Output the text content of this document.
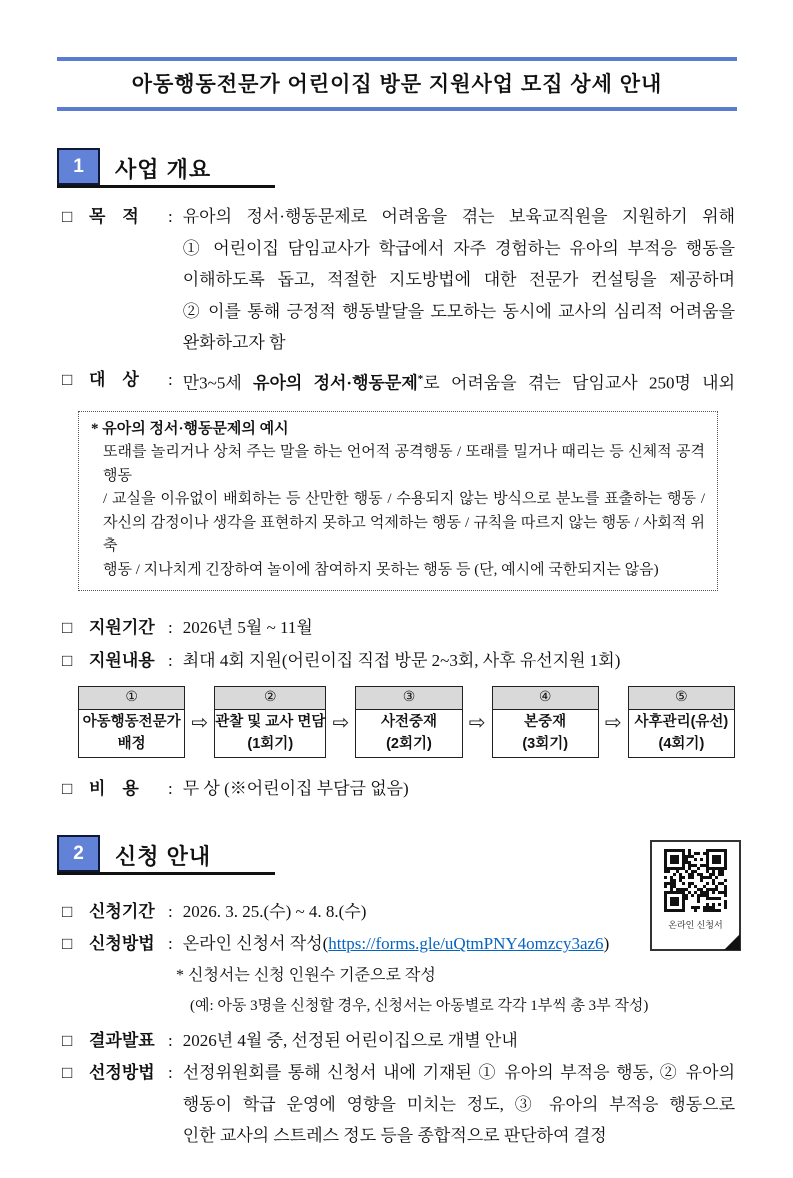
아동행동전문가 어린이집 방문 지원사업 모집 상세 안내
1	사업 개요
□ 목    적	: 유아의 정서·행동문제로 어려움을 겪는 보육교직원을 지원하기 위해
① 어린이집 담임교사가 학급에서 자주 경험하는 유아의 부적응 행동을
이해하도록 돕고, 적절한 지도방법에 대한 전문가 컨설팅을 제공하며
② 이를 통해 긍정적 행동발달을 도모하는 동시에 교사의 심리적 어려움을
완화하고자 함
□ 대    상	: 만3~5세 유아의 정서·행동문제*로 어려움을 겪는 담임교사 250명 내외
* 유아의 정서·행동문제의 예시
또래를 놀리거나 상처 주는 말을 하는 언어적 공격행동 / 또래를 밀거나 때리는 등 신체적 공격행동
/ 교실을 이유없이 배회하는 등 산만한 행동 / 수용되지 않는 방식으로 분노를 표출하는 행동 /
자신의 감정이나 생각을 표현하지 못하고 억제하는 행동 / 규칙을 따르지 않는 행동 / 사회적 위축
행동 / 지나치게 긴장하여 놀이에 참여하지 못하는 행동 등 (단, 예시에 국한되지는 않음)
□ 지원기간 : 2026년 5월 ~ 11월
□ 지원내용 : 최대 4회 지원(어린이집 직접 방문 2~3회, 사후 유선지원 1회)
①
아동행동전문가
배정
⇨
②
관찰 및 교사 면담
(1회기)
⇨
③
사전중재
(2회기)
⇨
④
본중재
(3회기)
⇨
⑤
사후관리(유선)
(4회기)
□ 비    용	: 무 상 (※어린이집 부담금 없음)
2	신청 안내
□ 신청기간 : 2026. 3. 25.(수) ~ 4. 8.(수)
□ 신청방법 : 온라인 신청서 작성(https://forms.gle/uQtmPNY4omzcy3az6)
* 신청서는 신청 인원수 기준으로 작성
(예: 아동 3명을 신청할 경우, 신청서는 아동별로 각각 1부씩 총 3부 작성)
□ 결과발표 : 2026년 4월 중, 선정된 어린이집으로 개별 안내
□ 선정방법 : 선정위원회를 통해 신청서 내에 기재된 ① 유아의 부적응 행동, ② 유아의
행동이 학급 운영에 영향을 미치는 정도, ③ 유아의 부적응 행동으로
인한 교사의 스트레스 정도 등을 종합적으로 판단하여 결정
온라인 신청서
